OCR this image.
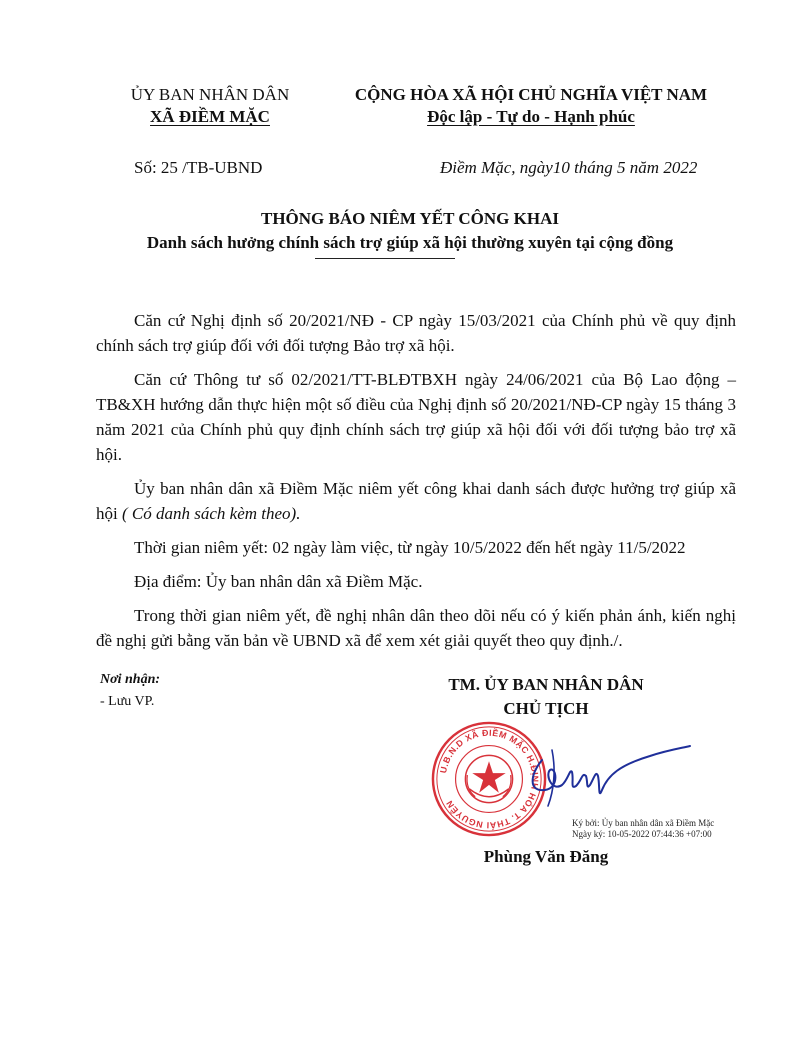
ỦY BAN NHÂN DÂN
XÃ ĐIỀM MẶC
CỘNG HÒA XÃ HỘI CHỦ NGHĨA VIỆT NAM
Độc lập - Tự do - Hạnh phúc
Số: 25 /TB-UBND	Điềm Mặc, ngày10 tháng 5 năm 2022
THÔNG BÁO NIÊM YẾT CÔNG KHAI
Danh sách hưởng chính sách trợ giúp xã hội thường xuyên tại cộng đồng

Căn cứ Nghị định số 20/2021/NĐ - CP ngày 15/03/2021 của Chính phủ về quy định chính sách trợ giúp đối với đối tượng Bảo trợ xã hội.

Căn cứ Thông tư số 02/2021/TT-BLĐTBXH ngày 24/06/2021 của Bộ Lao động – TB&XH hướng dẫn thực hiện một số điều của Nghị định số 20/2021/NĐ-CP ngày 15 tháng 3 năm 2021 của Chính phủ quy định chính sách trợ giúp xã hội đối với đối tượng bảo trợ xã hội.

Ủy ban nhân dân xã Điềm Mặc niêm yết công khai danh sách được hưởng trợ giúp xã hội ( Có danh sách kèm theo).

Thời gian niêm yết: 02 ngày làm việc, từ ngày 10/5/2022 đến hết ngày 11/5/2022

Địa điểm: Ủy ban nhân dân xã Điềm Mặc.

Trong thời gian niêm yết, đề nghị nhân dân theo dõi nếu có ý kiến phản ánh, kiến nghị đề nghị gửi bằng văn bản về UBND xã để xem xét giải quyết theo quy định./.

Nơi nhận:
- Lưu VP.
TM. ỦY BAN NHÂN DÂN
CHỦ TỊCH
U.B.N.D XÃ ĐIỀM MẶC H.ĐỊNH HÓA T. THÁI NGUYÊN
Ký bởi: Ủy ban nhân dân xã Điềm Mặc
Ngày ký: 10-05-2022 07:44:36 +07:00
Phùng Văn Đăng
